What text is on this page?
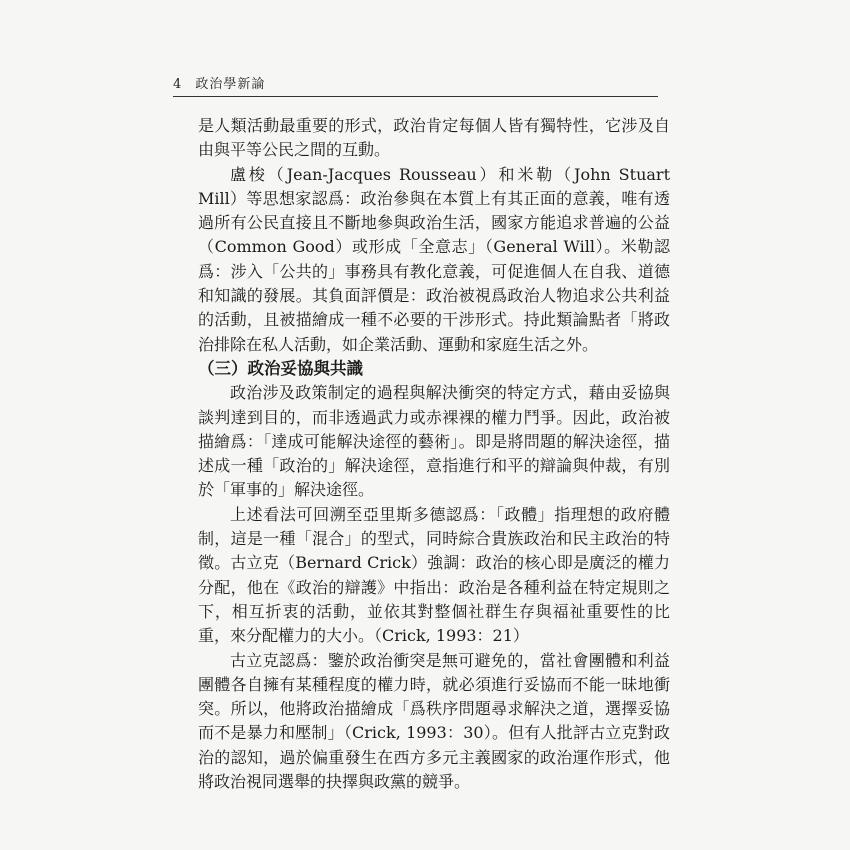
4 政治學新論

是人類活動最重要的形式，政治肯定每個人皆有獨特性，它涉及自由與平等公民之間的互動。

盧梭（Jean-Jacques Rousseau）和米勒（John Stuart Mill）等思想家認爲：政治參與在本質上有其正面的意義，唯有透過所有公民直接且不斷地參與政治生活，國家方能追求普遍的公益（Common Good）或形成「全意志」（General Will）。米勒認爲：涉入「公共的」事務具有教化意義，可促進個人在自我、道德和知識的發展。其負面評價是：政治被視爲政治人物追求公共利益的活動，且被描繪成一種不必要的干涉形式。持此類論點者「將政治排除在私人活動，如企業活動、運動和家庭生活之外。

（三）政治妥協與共識

政治涉及政策制定的過程與解決衝突的特定方式，藉由妥協與談判達到目的，而非透過武力或赤裸裸的權力鬥爭。因此，政治被描繪爲：「達成可能解決途徑的藝術」。即是將問題的解決途徑，描述成一種「政治的」解決途徑，意指進行和平的辯論與仲裁，有別於「軍事的」解決途徑。

上述看法可回溯至亞里斯多德認爲：「政體」指理想的政府體制，這是一種「混合」的型式，同時綜合貴族政治和民主政治的特徵。古立克（Bernard Crick）強調：政治的核心即是廣泛的權力分配，他在《政治的辯護》中指出：政治是各種利益在特定規則之下，相互折衷的活動，並依其對整個社群生存與福祉重要性的比重，來分配權力的大小。（Crick, 1993：21）

古立克認爲：鑒於政治衝突是無可避免的，當社會團體和利益團體各自擁有某種程度的權力時，就必須進行妥協而不能一昧地衝突。所以，他將政治描繪成「爲秩序問題尋求解決之道，選擇妥協而不是暴力和壓制」（Crick, 1993：30）。但有人批評古立克對政治的認知，過於偏重發生在西方多元主義國家的政治運作形式，他將政治視同選舉的抉擇與政黨的競爭。
